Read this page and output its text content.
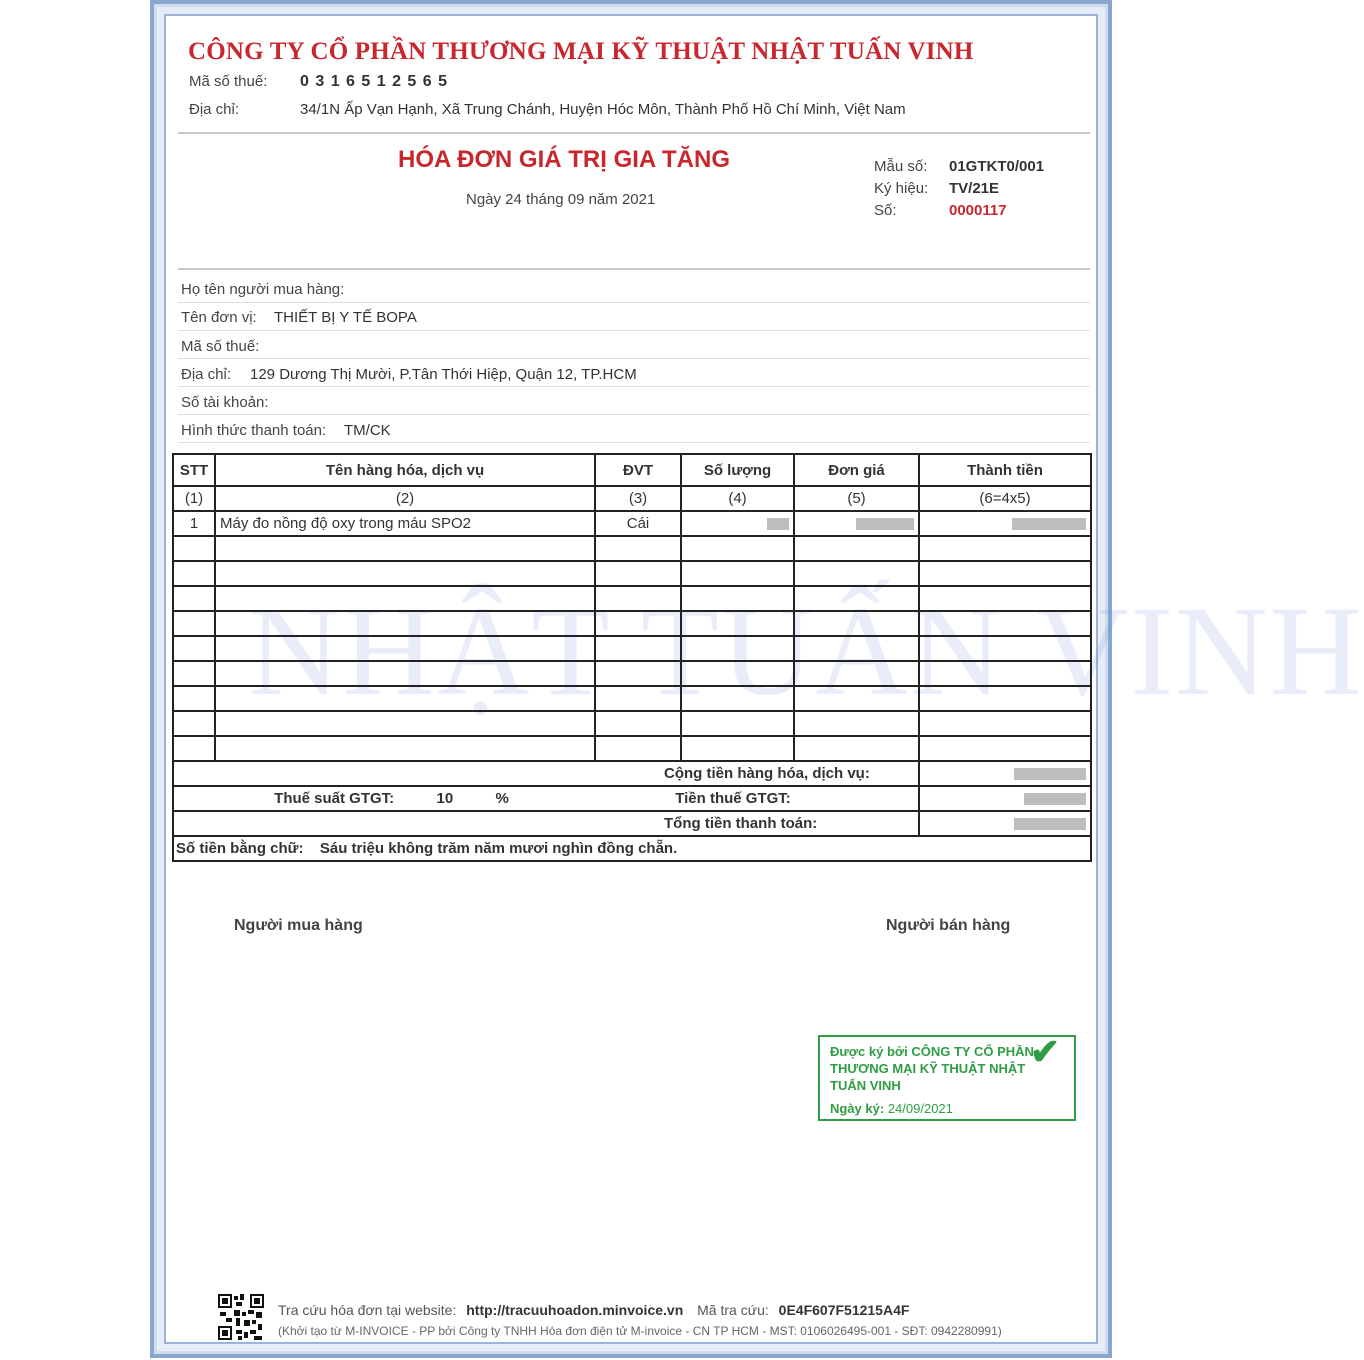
CÔNG TY CỔ PHẦN THƯƠNG MẠI KỸ THUẬT NHẬT TUẤN VINH
Mã số thuế: 0 3 1 6 5 1 2 5 6 5
Địa chỉ:	34/1N Ấp Vạn Hạnh, Xã Trung Chánh, Huyện Hóc Môn, Thành Phố Hồ Chí Minh, Việt Nam
HÓA ĐƠN GIÁ TRỊ GIA TĂNG
Ngày 24 tháng 09 năm 2021
Mẫu số: 01GTKT0/001
Ký hiệu: TV/21E
Số:	0000117
Họ tên người mua hàng:
Tên đơn vị: THIẾT BỊ Y TẾ BOPA
Mã số thuế:
Địa chỉ: 129 Dương Thị Mười, P.Tân Thới Hiệp, Quận 12, TP.HCM
Số tài khoản:
Hình thức thanh toán: TM/CK
NHẬT TUẤN VINH
STT	Tên hàng hóa, dịch vụ	ĐVT	Số lượng	Đơn giá	Thành tiền
(1)	(2)	(3)	(4)	(5)	(6=4x5)
1	Máy đo nồng độ oxy trong máu SPO2	Cái			

Cộng tiền hàng hóa, dịch vụ:					
Thuế suất GTGT: 10 % Tiền thuế GTGT:					
Tổng tiền thanh toán:					
Số tiền bằng chữ: Sáu triệu không trăm năm mươi nghìn đồng chẵn.					
Người mua hàng	Người bán hàng
Được ký bởi CÔNG TY CỔ PHẦN
THƯƠNG MẠI KỸ THUẬT NHẬT
TUẤN VINH
Ngày ký: 24/09/2021
✔
Tra cứu hóa đơn tại website: http://tracuuhoadon.minvoice.vn Mã tra cứu: 0E4F607F51215A4F
(Khởi tạo từ M-INVOICE - PP bởi Công ty TNHH Hóa đơn điện tử M-invoice - CN TP HCM - MST: 0106026495-001 - SĐT: 0942280991)
